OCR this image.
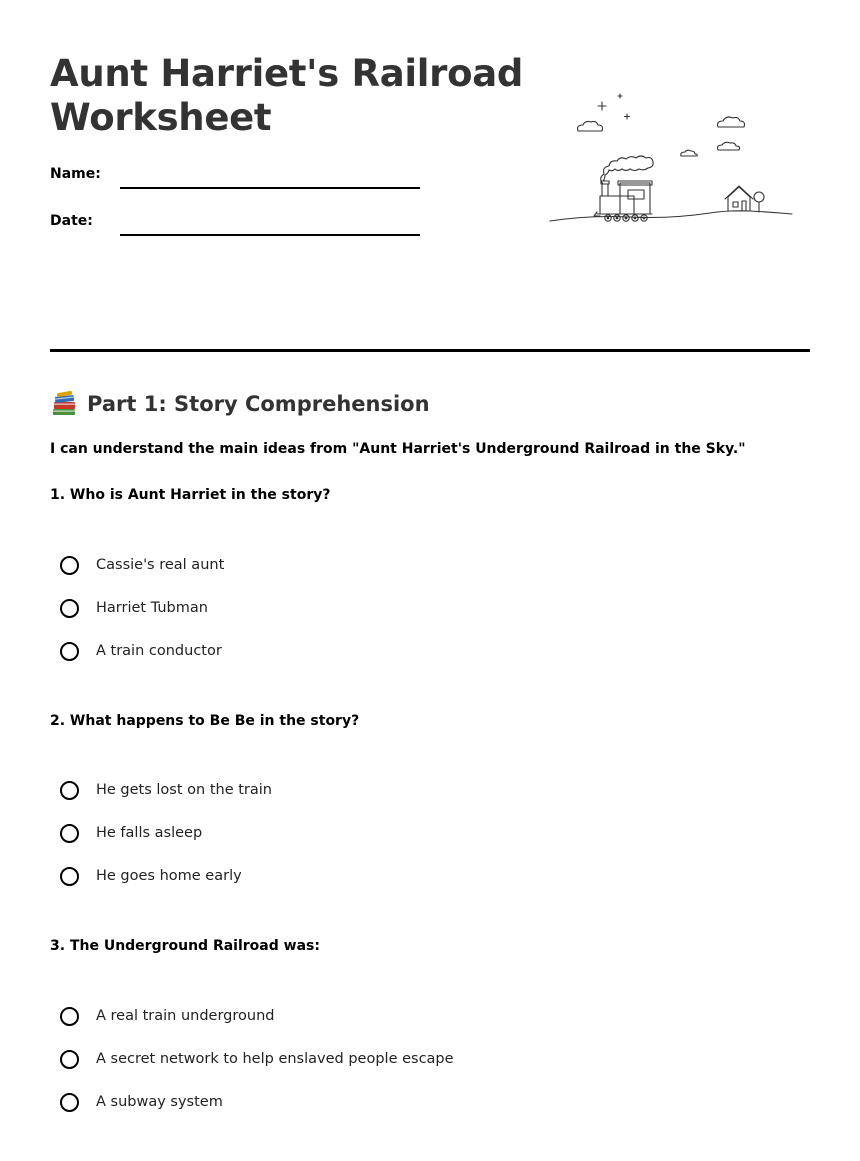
Aunt Harriet's Railroad Worksheet
Name:
Date:
Part 1: Story Comprehension
I can understand the main ideas from "Aunt Harriet's Underground Railroad in the Sky."
1. Who is Aunt Harriet in the story?
Cassie's real aunt
Harriet Tubman
A train conductor
2. What happens to Be Be in the story?
He gets lost on the train
He falls asleep
He goes home early
3. The Underground Railroad was:
A real train underground
A secret network to help enslaved people escape
A subway system
